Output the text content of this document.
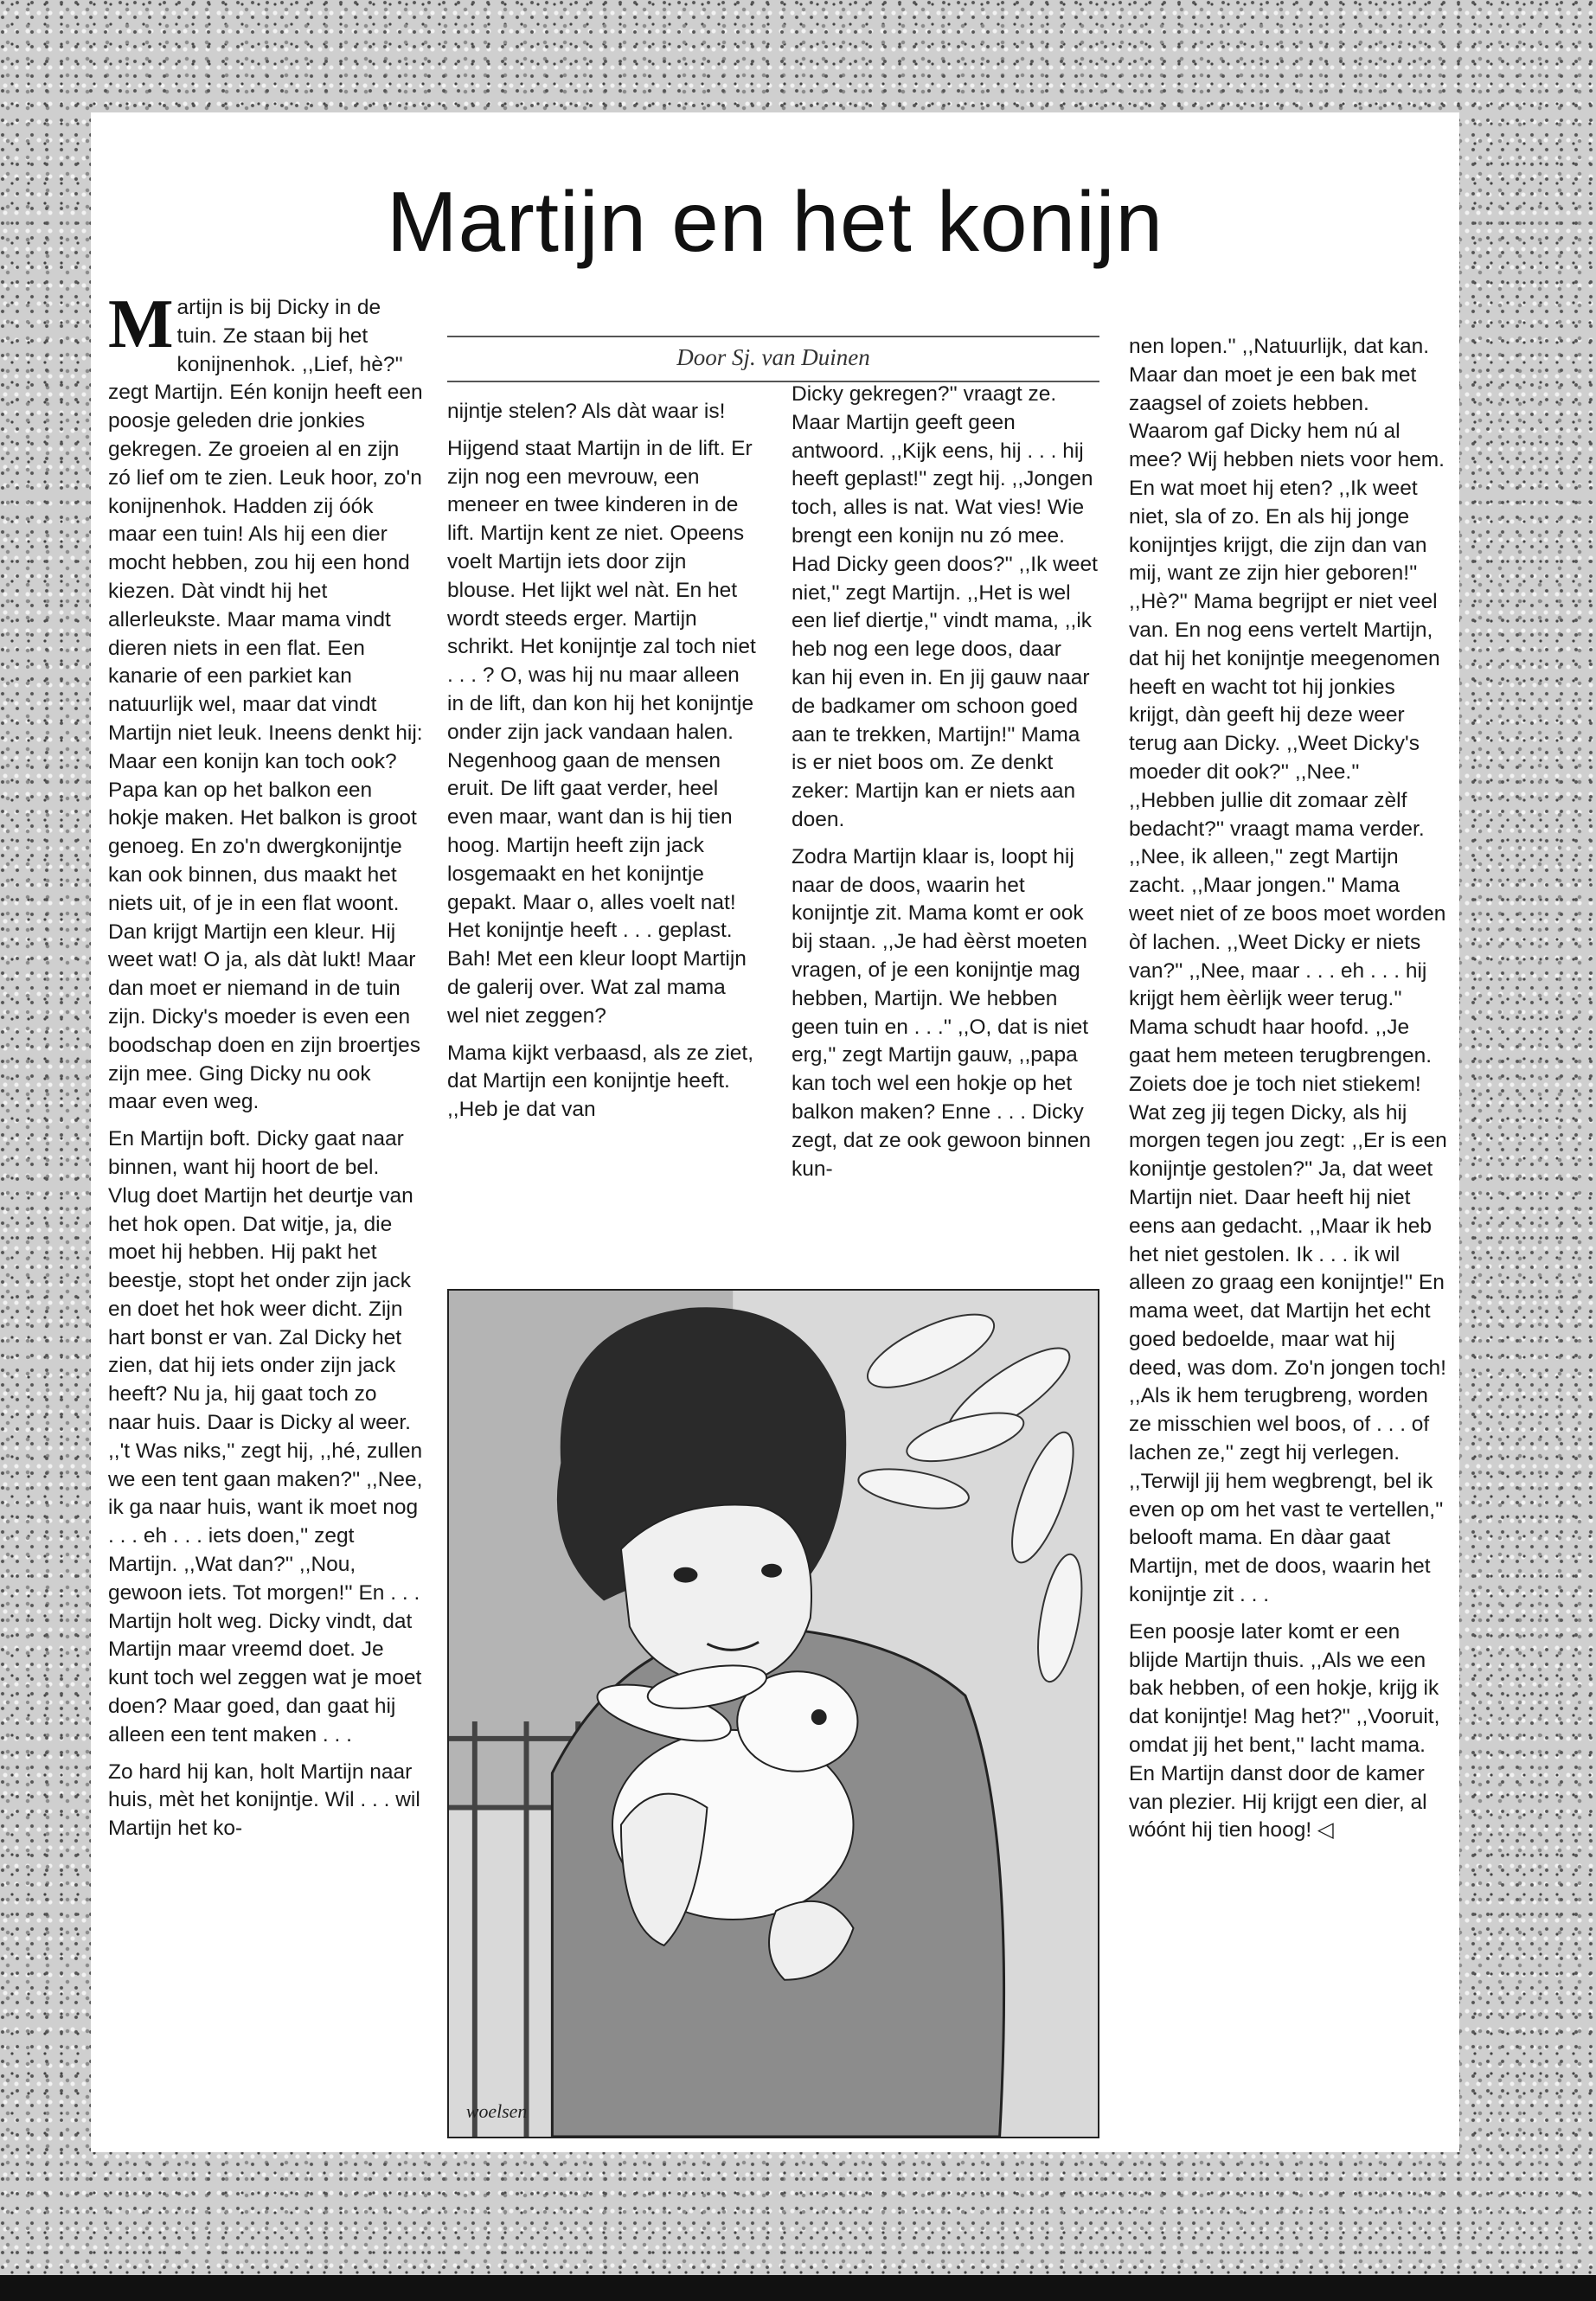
Martijn en het konijn
Door Sj. van Duinen

Martijn is bij Dicky in de tuin. Ze staan bij het konijnenhok. ,,Lief, hè?'' zegt Martijn. Eén konijn heeft een poosje geleden drie jonkies gekregen. Ze groeien al en zijn zó lief om te zien. Leuk hoor, zo'n konijnenhok. Hadden zij óók maar een tuin! Als hij een dier mocht hebben, zou hij een hond kiezen. Dàt vindt hij het allerleukste. Maar mama vindt dieren niets in een flat. Een kanarie of een parkiet kan natuurlijk wel, maar dat vindt Martijn niet leuk. Ineens denkt hij: Maar een konijn kan toch ook? Papa kan op het balkon een hokje maken. Het balkon is groot genoeg. En zo'n dwergkonijntje kan ook binnen, dus maakt het niets uit, of je in een flat woont. Dan krijgt Martijn een kleur. Hij weet wat! O ja, als dàt lukt! Maar dan moet er niemand in de tuin zijn. Dicky's moeder is even een boodschap doen en zijn broertjes zijn mee. Ging Dicky nu ook maar even weg.

En Martijn boft. Dicky gaat naar binnen, want hij hoort de bel. Vlug doet Martijn het deurtje van het hok open. Dat witje, ja, die moet hij hebben. Hij pakt het beestje, stopt het onder zijn jack en doet het hok weer dicht. Zijn hart bonst er van. Zal Dicky het zien, dat hij iets onder zijn jack heeft? Nu ja, hij gaat toch zo naar huis. Daar is Dicky al weer. ,,'t Was niks,'' zegt hij, ,,hé, zullen we een tent gaan maken?'' ,,Nee, ik ga naar huis, want ik moet nog . . . eh . . . iets doen,'' zegt Martijn. ,,Wat dan?'' ,,Nou, gewoon iets. Tot morgen!'' En . . . Martijn holt weg. Dicky vindt, dat Martijn maar vreemd doet. Je kunt toch wel zeggen wat je moet doen? Maar goed, dan gaat hij alleen een tent maken . . .

Zo hard hij kan, holt Martijn naar huis, mèt het konijntje. Wil . . . wil Martijn het ko-

nijntje stelen? Als dàt waar is!

Hijgend staat Martijn in de lift. Er zijn nog een mevrouw, een meneer en twee kinderen in de lift. Martijn kent ze niet. Opeens voelt Martijn iets door zijn blouse. Het lijkt wel nàt. En het wordt steeds erger. Martijn schrikt. Het konijntje zal toch niet . . . ? O, was hij nu maar alleen in de lift, dan kon hij het konijntje onder zijn jack vandaan halen. Negenhoog gaan de mensen eruit. De lift gaat verder, heel even maar, want dan is hij tien hoog. Martijn heeft zijn jack losgemaakt en het konijntje gepakt. Maar o, alles voelt nat! Het konijntje heeft . . . geplast. Bah! Met een kleur loopt Martijn de galerij over. Wat zal mama wel niet zeggen?

Mama kijkt verbaasd, als ze ziet, dat Martijn een konijntje heeft. ,,Heb je dat van

Dicky gekregen?'' vraagt ze. Maar Martijn geeft geen antwoord. ,,Kijk eens, hij . . . hij heeft geplast!'' zegt hij. ,,Jongen toch, alles is nat. Wat vies! Wie brengt een konijn nu zó mee. Had Dicky geen doos?'' ,,Ik weet niet,'' zegt Martijn. ,,Het is wel een lief diertje,'' vindt mama, ,,ik heb nog een lege doos, daar kan hij even in. En jij gauw naar de badkamer om schoon goed aan te trekken, Martijn!'' Mama is er niet boos om. Ze denkt zeker: Martijn kan er niets aan doen.

Zodra Martijn klaar is, loopt hij naar de doos, waarin het konijntje zit. Mama komt er ook bij staan. ,,Je had èèrst moeten vragen, of je een konijntje mag hebben, Martijn. We hebben geen tuin en . . .'' ,,O, dat is niet erg,'' zegt Martijn gauw, ,,papa kan toch wel een hokje op het balkon maken? Enne . . . Dicky zegt, dat ze ook gewoon binnen kun-

nen lopen.'' ,,Natuurlijk, dat kan. Maar dan moet je een bak met zaagsel of zoiets hebben. Waarom gaf Dicky hem nú al mee? Wij hebben niets voor hem. En wat moet hij eten? ,,Ik weet niet, sla of zo. En als hij jonge konijntjes krijgt, die zijn dan van mij, want ze zijn hier geboren!'' ,,Hè?'' Mama begrijpt er niet veel van. En nog eens vertelt Martijn, dat hij het konijntje meegenomen heeft en wacht tot hij jonkies krijgt, dàn geeft hij deze weer terug aan Dicky. ,,Weet Dicky's moeder dit ook?'' ,,Nee.'' ,,Hebben jullie dit zomaar zèlf bedacht?'' vraagt mama verder. ,,Nee, ik alleen,'' zegt Martijn zacht. ,,Maar jongen.'' Mama weet niet of ze boos moet worden òf lachen. ,,Weet Dicky er niets van?'' ,,Nee, maar . . . eh . . . hij krijgt hem èèrlijk weer terug.'' Mama schudt haar hoofd. ,,Je gaat hem meteen terugbrengen. Zoiets doe je toch niet stiekem! Wat zeg jij tegen Dicky, als hij morgen tegen jou zegt: ,,Er is een konijntje gestolen?'' Ja, dat weet Martijn niet. Daar heeft hij niet eens aan gedacht. ,,Maar ik heb het niet gestolen. Ik . . . ik wil alleen zo graag een konijntje!'' En mama weet, dat Martijn het echt goed bedoelde, maar wat hij deed, was dom. Zo'n jongen toch! ,,Als ik hem terugbreng, worden ze misschien wel boos, of . . . of lachen ze,'' zegt hij verlegen. ,,Terwijl jij hem wegbrengt, bel ik even op om het vast te vertellen,'' belooft mama. En dàar gaat Martijn, met de doos, waarin het konijntje zit . . .

Een poosje later komt er een blijde Martijn thuis. ,,Als we een bak hebben, of een hokje, krijg ik dat konijntje! Mag het?'' ,,Vooruit, omdat jij het bent,'' lacht mama. En Martijn danst door de kamer van plezier. Hij krijgt een dier, al wóónt hij tien hoog! ◁

woelsen
